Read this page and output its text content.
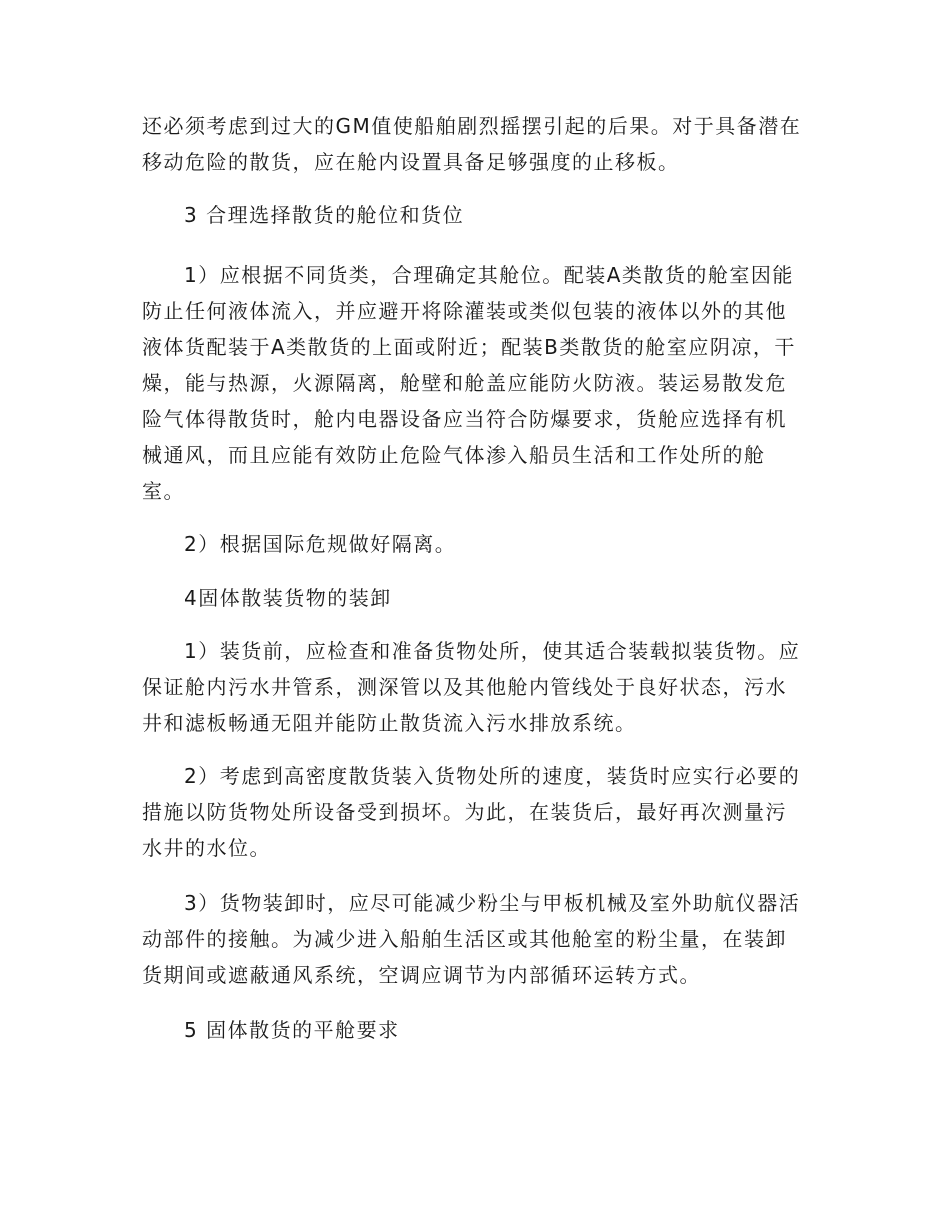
还必须考虑到过大的GM值使船舶剧烈摇摆引起的后果。对于具备潜在
移动危险的散货，应在舱内设置具备足够强度的止移板。
3 合理选择散货的舱位和货位
1）应根据不同货类，合理确定其舱位。配装A类散货的舱室因能
防止任何液体流入，并应避开将除灌装或类似包装的液体以外的其他
液体货配装于A类散货的上面或附近；配装B类散货的舱室应阴凉，干
燥，能与热源，火源隔离，舱壁和舱盖应能防火防液。装运易散发危
险气体得散货时，舱内电器设备应当符合防爆要求，货舱应选择有机
械通风，而且应能有效防止危险气体渗入船员生活和工作处所的舱
室。
2）根据国际危规做好隔离。
4固体散装货物的装卸
1）装货前，应检查和准备货物处所，使其适合装载拟装货物。应
保证舱内污水井管系，测深管以及其他舱内管线处于良好状态，污水
井和滤板畅通无阻并能防止散货流入污水排放系统。
2）考虑到高密度散货装入货物处所的速度，装货时应实行必要的
措施以防货物处所设备受到损坏。为此，在装货后，最好再次测量污
水井的水位。
3）货物装卸时，应尽可能减少粉尘与甲板机械及室外助航仪器活
动部件的接触。为减少进入船舶生活区或其他舱室的粉尘量，在装卸
货期间或遮蔽通风系统，空调应调节为内部循环运转方式。
5 固体散货的平舱要求
